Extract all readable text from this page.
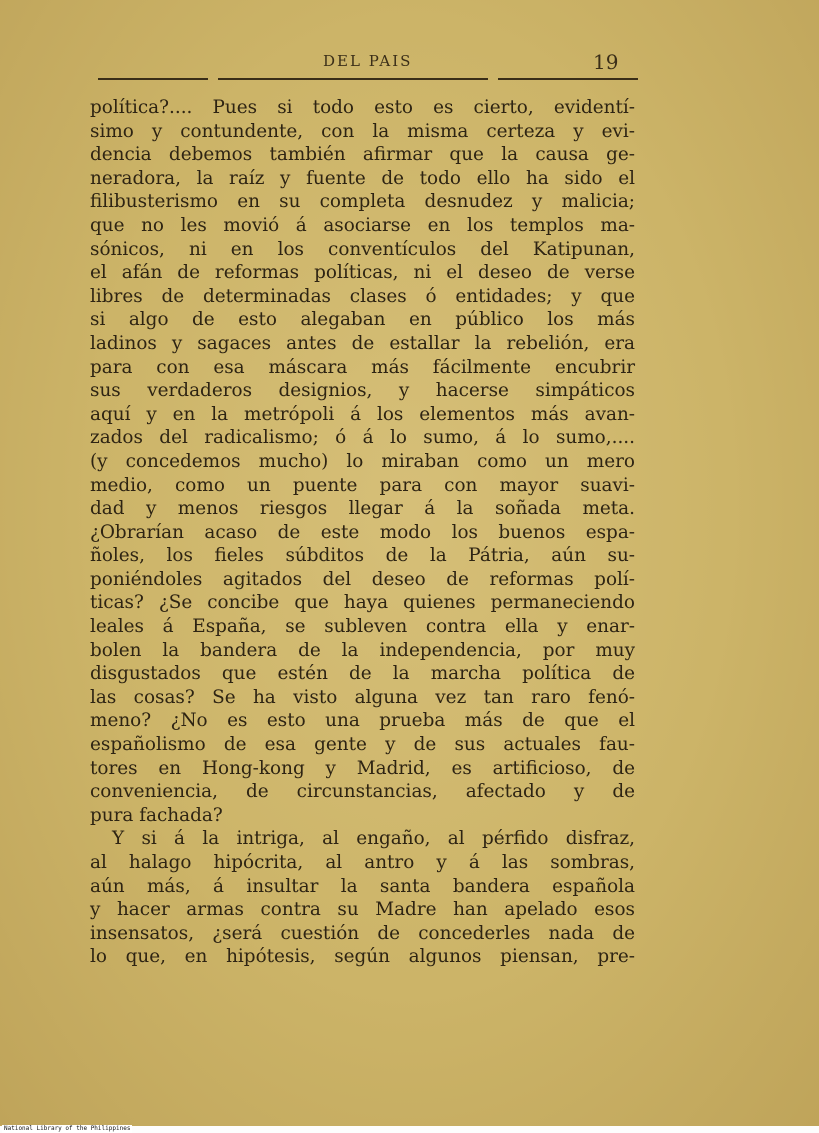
DEL PAIS	19
política?.... Pues si todo esto es cierto, evidentí-
simo y contundente, con la misma certeza y evi-
dencia debemos también afirmar que la causa ge-
neradora, la raíz y fuente de todo ello ha sido el
filibusterismo en su completa desnudez y malicia;
que no les movió á asociarse en los templos ma-
sónicos, ni en los conventículos del Katipunan,
el afán de reformas políticas, ni el deseo de verse
libres de determinadas clases ó entidades; y que
si algo de esto alegaban en público los más
ladinos y sagaces antes de estallar la rebelión, era
para con esa máscara más fácilmente encubrir
sus verdaderos designios, y hacerse simpáticos
aquí y en la metrópoli á los elementos más avan-
zados del radicalismo; ó á lo sumo, á lo sumo,....
(y concedemos mucho) lo miraban como un mero
medio, como un puente para con mayor suavi-
dad y menos riesgos llegar á la soñada meta.
¿Obrarían acaso de este modo los buenos espa-
ñoles, los fieles súbditos de la Pátria, aún su-
poniéndoles agitados del deseo de reformas polí-
ticas? ¿Se concibe que haya quienes permaneciendo
leales á España, se subleven contra ella y enar-
bolen la bandera de la independencia, por muy
disgustados que estén de la marcha política de
las cosas? Se ha visto alguna vez tan raro fenó-
meno? ¿No es esto una prueba más de que el
españolismo de esa gente y de sus actuales fau-
tores en Hong-kong y Madrid, es artificioso, de
conveniencia, de circunstancias, afectado y de
pura fachada?
Y si á la intriga, al engaño, al pérfido disfraz,
al halago hipócrita, al antro y á las sombras,
aún más, á insultar la santa bandera española
y hacer armas contra su Madre han apelado esos
insensatos, ¿será cuestión de concederles nada de
lo que, en hipótesis, según algunos piensan, pre-
National Library of the Philippines
